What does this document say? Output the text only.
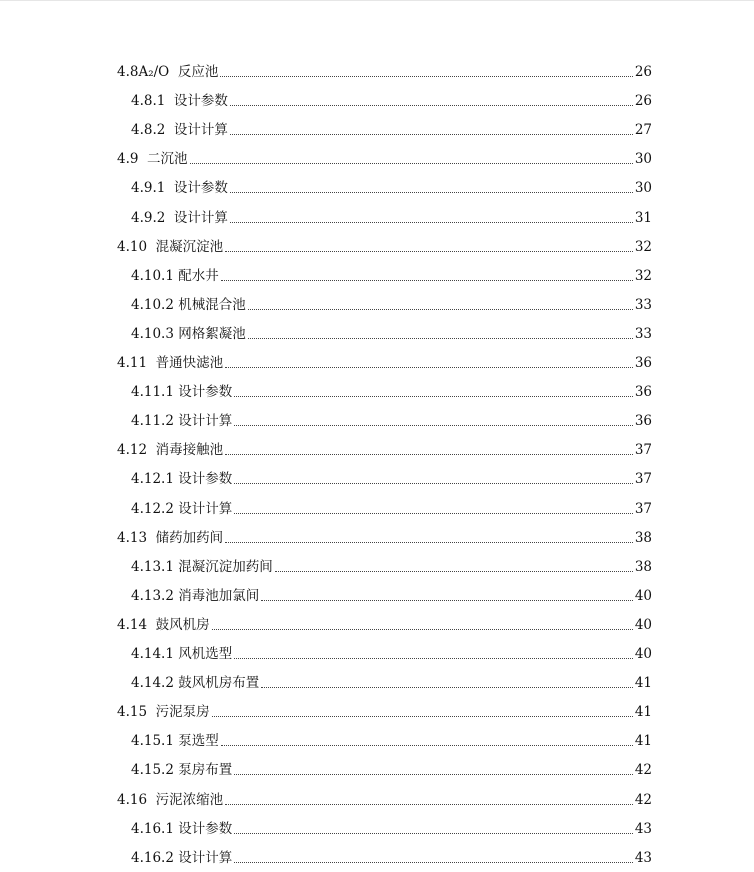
4.8A₂/O  反应池	26
4.8.1  设计参数	26
4.8.2  设计计算	27
4.9  二沉池	30
4.9.1  设计参数	30
4.9.2  设计计算	31
4.10  混凝沉淀池	32
4.10.1 配水井	32
4.10.2 机械混合池	33
4.10.3 网格絮凝池	33
4.11  普通快滤池	36
4.11.1 设计参数	36
4.11.2 设计计算	36
4.12  消毒接触池	37
4.12.1 设计参数	37
4.12.2 设计计算	37
4.13  储药加药间	38
4.13.1 混凝沉淀加药间	38
4.13.2 消毒池加氯间	40
4.14  鼓风机房	40
4.14.1 风机选型	40
4.14.2 鼓风机房布置	41
4.15  污泥泵房	41
4.15.1 泵选型	41
4.15.2 泵房布置	42
4.16  污泥浓缩池	42
4.16.1 设计参数	43
4.16.2 设计计算	43
